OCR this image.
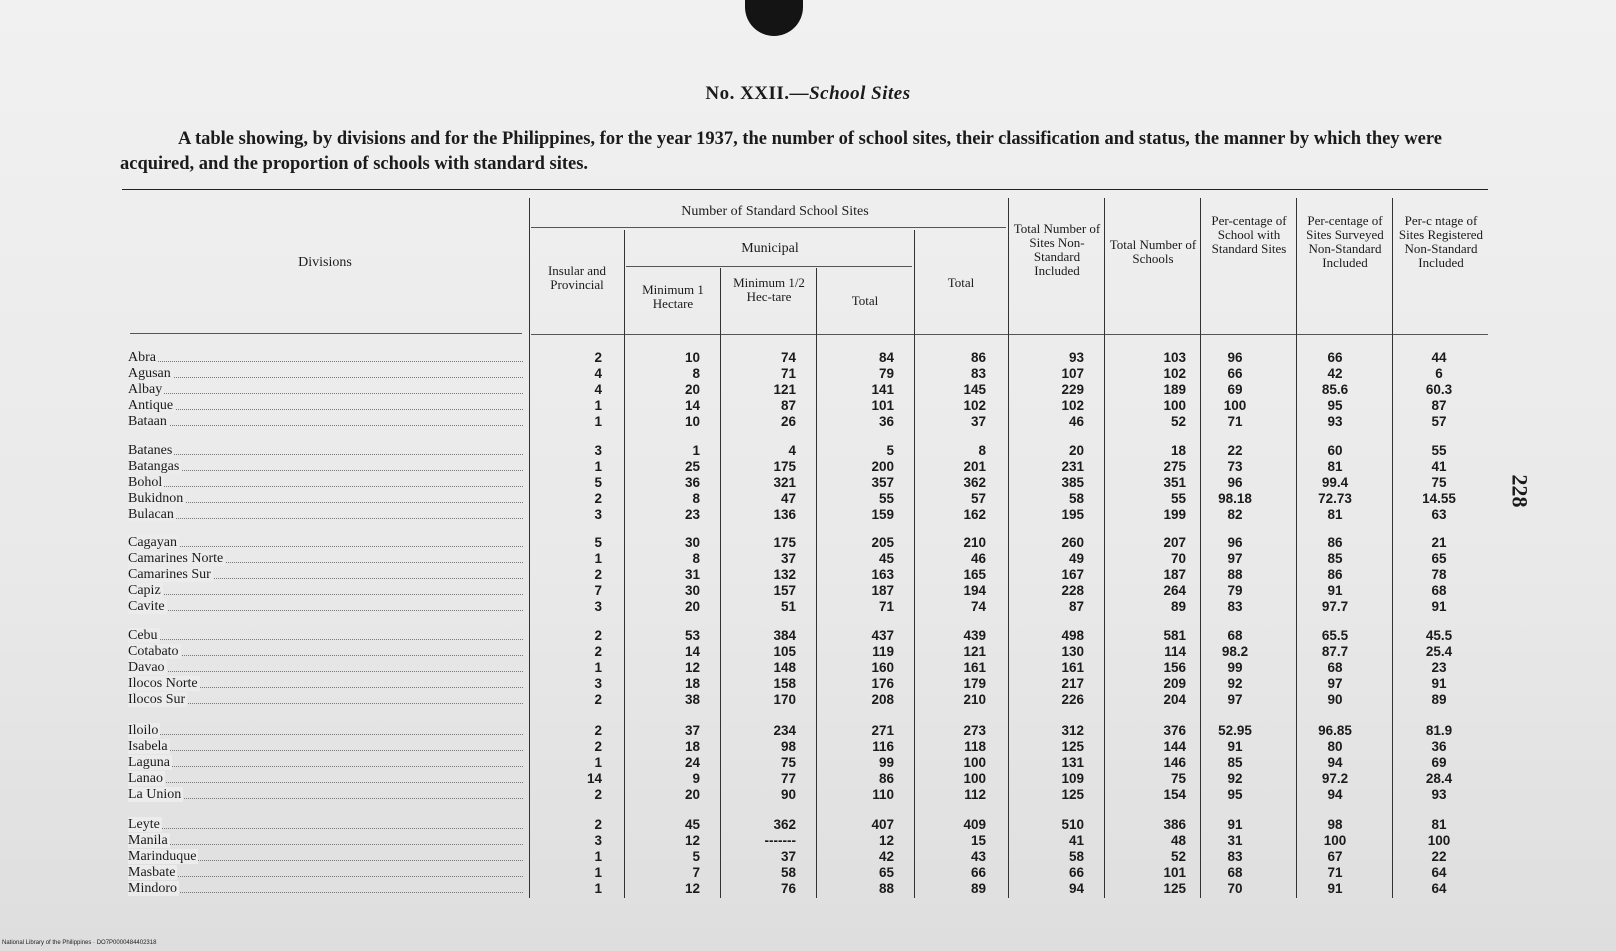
No. XXII.—School Sites
A table showing, by divisions and for the Philippines, for the year 1937, the number of school sites, their classification and status, the manner by which they were acquired, and the proportion of schools with standard sites.
Divisions
Number of Standard School Sites
Municipal
Insular and Provincial	Minimum 1 Hectare
Minimum 1/2 Hec-tare	Total
Total
Total Number of Sites Non-Standard Included
Total Number of Schools
Per-centage of School with Standard Sites
Per-centage of Sites Surveyed Non-Standard Included
Per-c ntage of Sites Registered Non-Standard Included
Abra
Agusan
Albay
Antique
Bataan
2
4
4
1
1
10
8
20
14
10
74
71
121
87
26
84
79
141
101
36
86
83
145
102
37
93
107
229
102
46
103
102
189
100
52
96
66
69
100
71
66
42
85.6
95
93
44
6
60.3
87
57
Batanes
Batangas
Bohol
Bukidnon
Bulacan
3
1
5
2
3
1
25
36
8
23
4
175
321
47
136
5
200
357
55
159
8
201
362
57
162
20
231
385
58
195
18
275
351
55
199
22
73
96
98.18
82
60
81
99.4
72.73
81
55
41
75
14.55
63
Cagayan
Camarines Norte
Camarines Sur
Capiz
Cavite
5
1
2
7
3
30
8
31
30
20
175
37
132
157
51
205
45
163
187
71
210
46
165
194
74
260
49
167
228
87
207
70
187
264
89
96
97
88
79
83
86
85
86
91
97.7
21
65
78
68
91
Cebu
Cotabato
Davao
Ilocos Norte
Ilocos Sur
2
2
1
3
2
53
14
12
18
38
384
105
148
158
170
437
119
160
176
208
439
121
161
179
210
498
130
161
217
226
581
114
156
209
204
68
98.2
99
92
97
65.5
87.7
68
97
90
45.5
25.4
23
91
89
Iloilo
Isabela
Laguna
Lanao
La Union
2
2
1
14
2
37
18
24
9
20
234
98
75
77
90
271
116
99
86
110
273
118
100
100
112
312
125
131
109
125
376
144
146
75
154
52.95
91
85
92
95
96.85
80
94
97.2
94
81.9
36
69
28.4
93
Leyte
Manila
Marinduque
Masbate
Mindoro
2
3
1
1
1
45
12
5
7
12
362
-------
37
58
76
407
12
42
65
88
409
15
43
66
89
510
41
58
66
94
386
48
52
101
125
91
31
83
68
70
98
100
67
71
91
81
100
22
64
64
228
National Library of the Philippines · DO7P0000484402318
